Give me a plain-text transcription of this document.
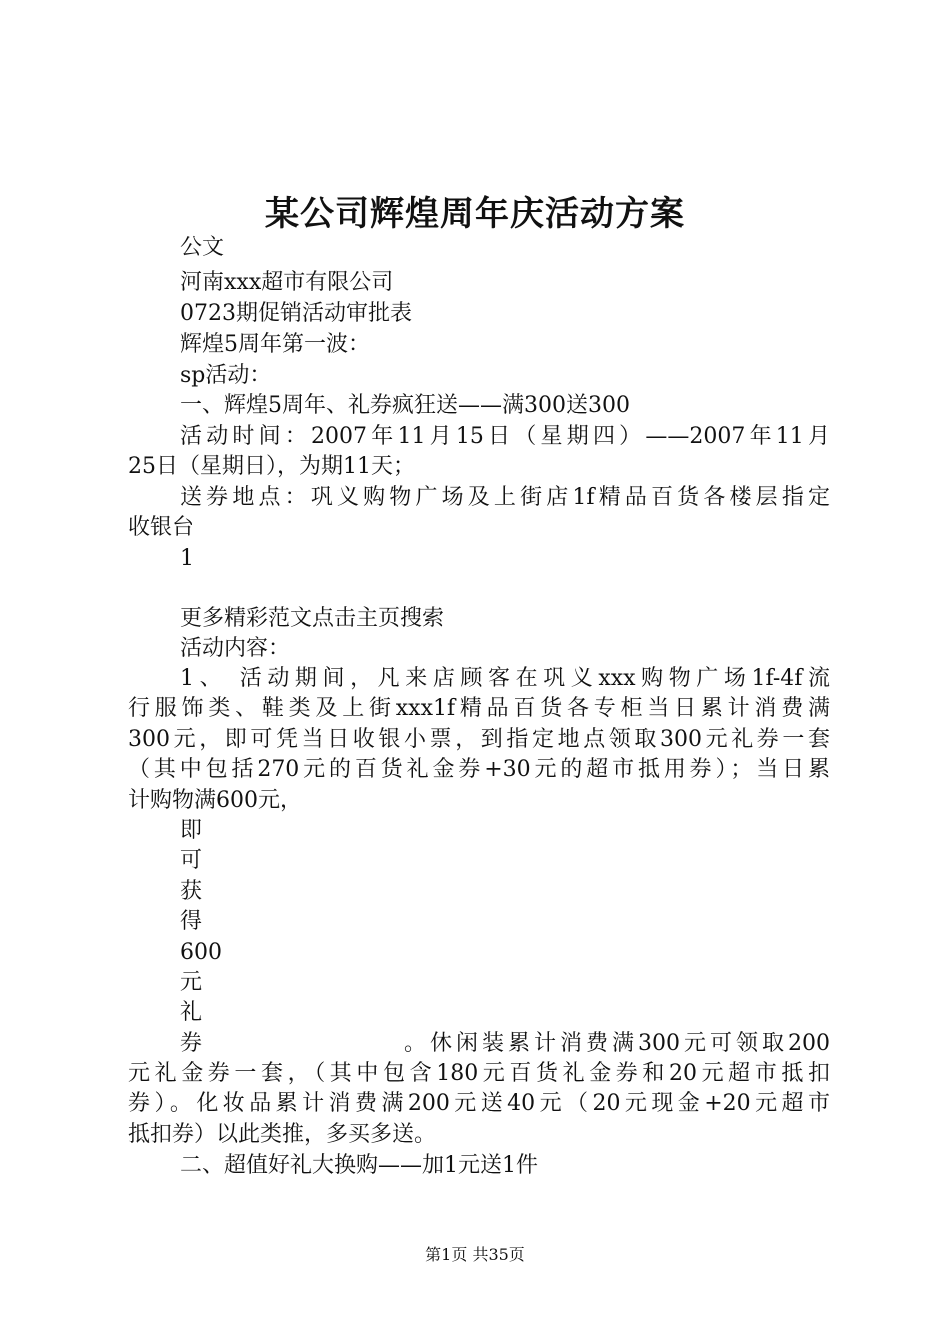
某公司辉煌周年庆活动方案
公文
河南xxx超市有限公司
0723期促销活动审批表
辉煌5周年第一波：
sp活动：
一、辉煌5周年、礼券疯狂送——满300送300
活动时间：2007年11月15日（星期四）——2007年11月
25日（星期日），为期11天；
送券地点：巩义购物广场及上街店1f精品百货各楼层指定
收银台
1
更多精彩范文点击主页搜索
活动内容：
1、 活动期间，凡来店顾客在巩义xxx购物广场1f-4f流
行服饰类、鞋类及上街xxx1f精品百货各专柜当日累计消费满
300元，即可凭当日收银小票，到指定地点领取300元礼券一套
（其中包括270元的百货礼金券+30元的超市抵用券）；当日累
计购物满600元，
即
可
获
得
600
元
礼
券	。休闲装累计消费满300元可领取200
元礼金券一套，（其中包含180元百货礼金券和20元超市抵扣
券）。化妆品累计消费满200元送40元（20元现金+20元超市
抵扣券）以此类推，多买多送。
二、超值好礼大换购——加1元送1件
第1页 共35页
